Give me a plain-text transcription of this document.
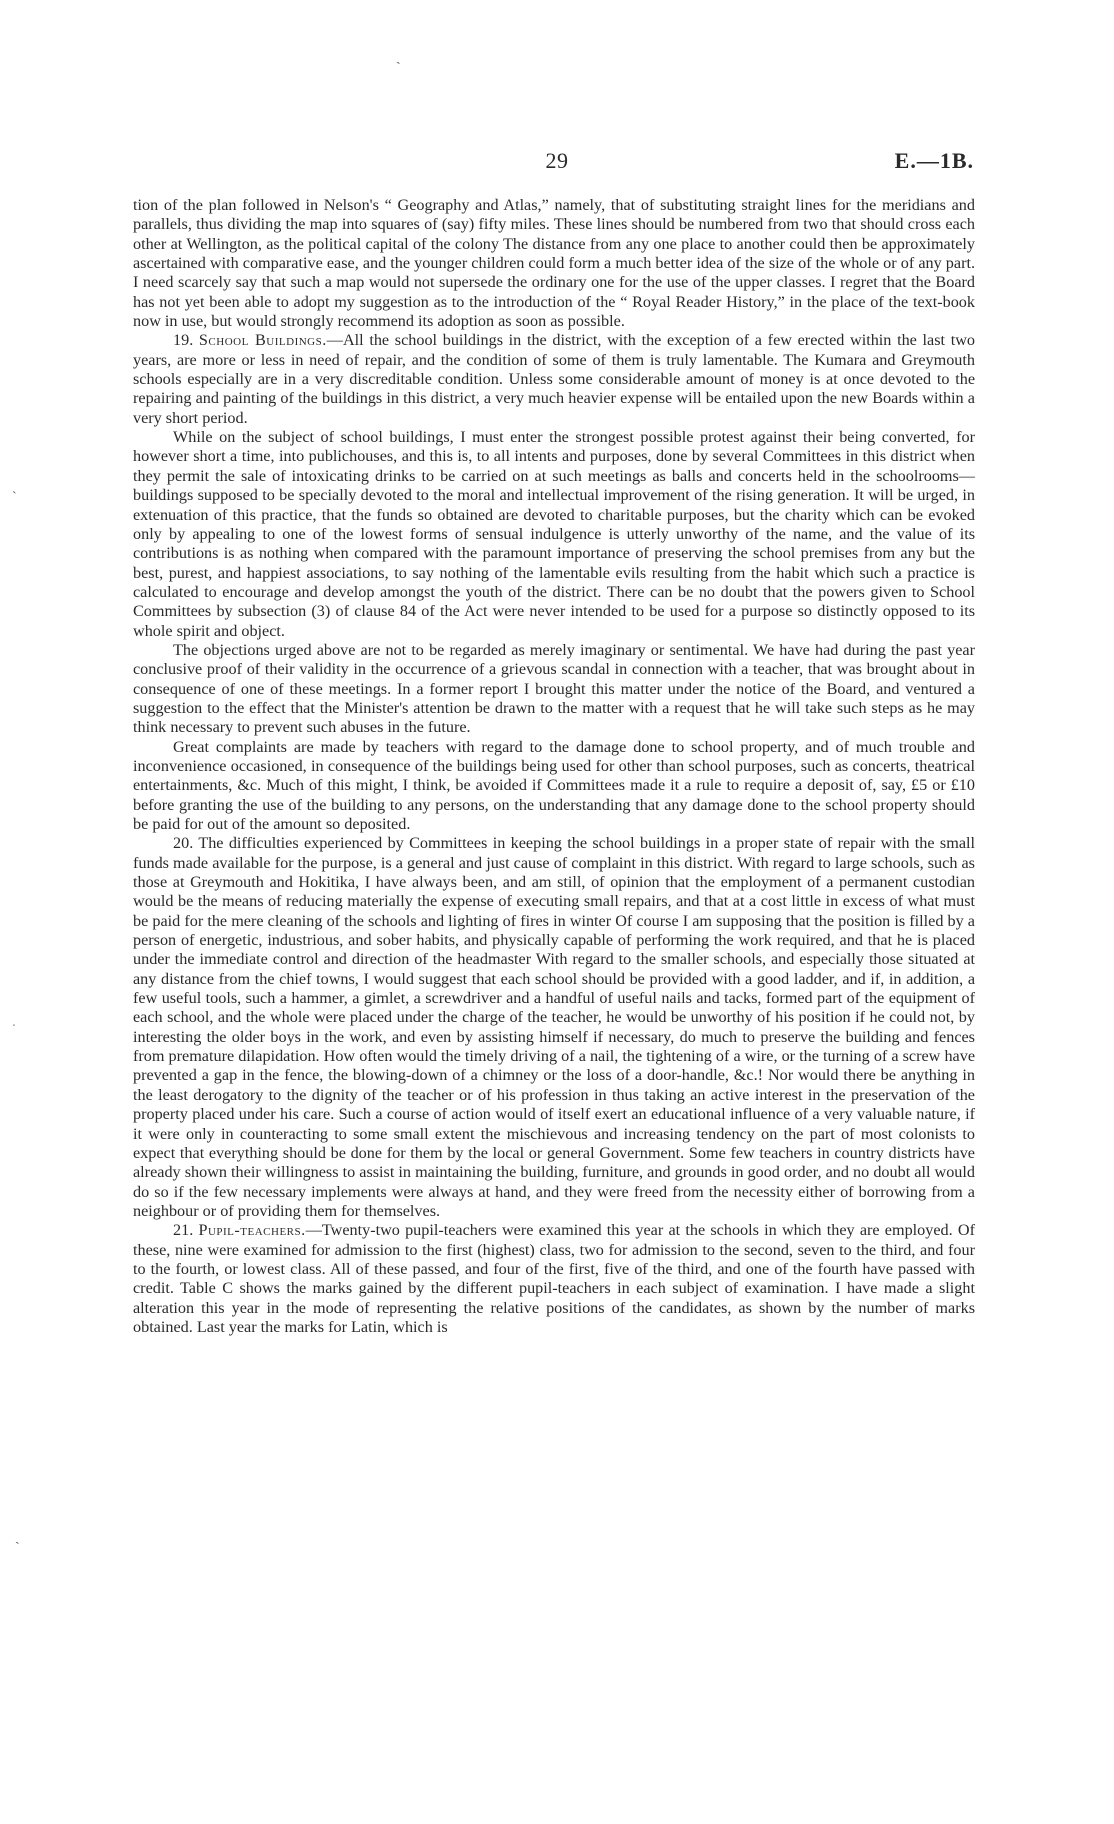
29	E.—1B.
ˎ
ˋ
ˑ
ˎ

tion of the plan followed in Nelson's “ Geography and Atlas,” namely, that of substituting straight lines for the meridians and parallels, thus dividing the map into squares of (say) fifty miles. These lines should be numbered from two that should cross each other at Wellington, as the political capital of the colony The distance from any one place to another could then be approximately ascertained with comparative ease, and the younger children could form a much better idea of the size of the whole or of any part. I need scarcely say that such a map would not supersede the ordinary one for the use of the upper classes. I regret that the Board has not yet been able to adopt my suggestion as to the introduction of the “ Royal Reader History,” in the place of the text-book now in use, but would strongly recommend its adoption as soon as possible.

19. School Buildings.—All the school buildings in the district, with the exception of a few erected within the last two years, are more or less in need of repair, and the condition of some of them is truly lamentable. The Kumara and Greymouth schools especially are in a very discreditable condition. Unless some considerable amount of money is at once devoted to the repairing and painting of the buildings in this district, a very much heavier expense will be entailed upon the new Boards within a very short period.

While on the subject of school buildings, I must enter the strongest possible protest against their being converted, for however short a time, into publichouses, and this is, to all intents and purposes, done by several Committees in this district when they permit the sale of intoxicating drinks to be carried on at such meetings as balls and concerts held in the schoolrooms—buildings supposed to be specially devoted to the moral and intellectual improvement of the rising generation. It will be urged, in extenuation of this practice, that the funds so obtained are devoted to charitable purposes, but the charity which can be evoked only by appealing to one of the lowest forms of sensual indulgence is utterly unworthy of the name, and the value of its contributions is as nothing when compared with the paramount importance of preserving the school premises from any but the best, purest, and happiest associations, to say nothing of the lamentable evils resulting from the habit which such a practice is calculated to encourage and develop amongst the youth of the district. There can be no doubt that the powers given to School Committees by subsection (3) of clause 84 of the Act were never intended to be used for a purpose so distinctly opposed to its whole spirit and object.

The objections urged above are not to be regarded as merely imaginary or sentimental. We have had during the past year conclusive proof of their validity in the occurrence of a grievous scandal in connection with a teacher, that was brought about in consequence of one of these meetings. In a former report I brought this matter under the notice of the Board, and ventured a suggestion to the effect that the Minister's attention be drawn to the matter with a request that he will take such steps as he may think necessary to prevent such abuses in the future.

Great complaints are made by teachers with regard to the damage done to school property, and of much trouble and inconvenience occasioned, in consequence of the buildings being used for other than school purposes, such as concerts, theatrical entertainments, &c. Much of this might, I think, be avoided if Committees made it a rule to require a deposit of, say, £5 or £10 before granting the use of the building to any persons, on the understanding that any damage done to the school property should be paid for out of the amount so deposited.

20. The difficulties experienced by Committees in keeping the school buildings in a proper state of repair with the small funds made available for the purpose, is a general and just cause of complaint in this district. With regard to large schools, such as those at Greymouth and Hokitika, I have always been, and am still, of opinion that the employment of a permanent custodian would be the means of reducing materially the expense of executing small repairs, and that at a cost little in excess of what must be paid for the mere cleaning of the schools and lighting of fires in winter Of course I am supposing that the position is filled by a person of energetic, industrious, and sober habits, and physically capable of performing the work required, and that he is placed under the immediate control and direction of the headmaster With regard to the smaller schools, and especially those situated at any distance from the chief towns, I would suggest that each school should be provided with a good ladder, and if, in addition, a few useful tools, such a hammer, a gimlet, a screwdriver and a handful of useful nails and tacks, formed part of the equipment of each school, and the whole were placed under the charge of the teacher, he would be unworthy of his position if he could not, by interesting the older boys in the work, and even by assisting himself if necessary, do much to preserve the building and fences from premature dilapidation. How often would the timely driving of a nail, the tightening of a wire, or the turning of a screw have prevented a gap in the fence, the blowing-down of a chimney or the loss of a door-handle, &c.! Nor would there be anything in the least derogatory to the dignity of the teacher or of his profession in thus taking an active interest in the preservation of the property placed under his care. Such a course of action would of itself exert an educational influence of a very valuable nature, if it were only in counteracting to some small extent the mischievous and increasing tendency on the part of most colonists to expect that everything should be done for them by the local or general Government. Some few teachers in country districts have already shown their willingness to assist in maintaining the building, furniture, and grounds in good order, and no doubt all would do so if the few necessary implements were always at hand, and they were freed from the necessity either of borrowing from a neighbour or of providing them for themselves.

21. Pupil-teachers.—Twenty-two pupil-teachers were examined this year at the schools in which they are employed. Of these, nine were examined for admission to the first (highest) class, two for admission to the second, seven to the third, and four to the fourth, or lowest class. All of these passed, and four of the first, five of the third, and one of the fourth have passed with credit. Table C shows the marks gained by the different pupil-teachers in each subject of examination. I have made a slight alteration this year in the mode of representing the relative positions of the candidates, as shown by the number of marks obtained. Last year the marks for Latin, which is
